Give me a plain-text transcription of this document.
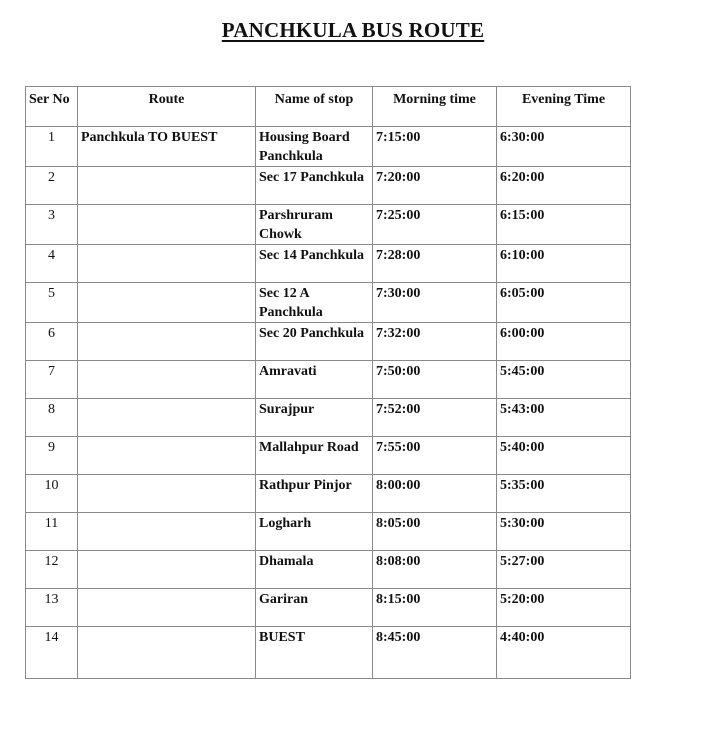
PANCHKULA BUS ROUTE
Ser No	Route	Name of stop	Morning time	Evening Time
1	Panchkula TO BUEST	Housing Board Panchkula	7:15:00	6:30:00
2		Sec 17 Panchkula	7:20:00	6:20:00
3		Parshruram Chowk	7:25:00	6:15:00
4		Sec 14 Panchkula	7:28:00	6:10:00
5		Sec 12 A Panchkula	7:30:00	6:05:00
6		Sec 20 Panchkula	7:32:00	6:00:00
7		Amravati	7:50:00	5:45:00
8		Surajpur	7:52:00	5:43:00
9		Mallahpur Road	7:55:00	5:40:00
10		Rathpur Pinjor	8:00:00	5:35:00
11		Logharh	8:05:00	5:30:00
12		Dhamala	8:08:00	5:27:00
13		Gariran	8:15:00	5:20:00
14		BUEST	8:45:00	4:40:00
